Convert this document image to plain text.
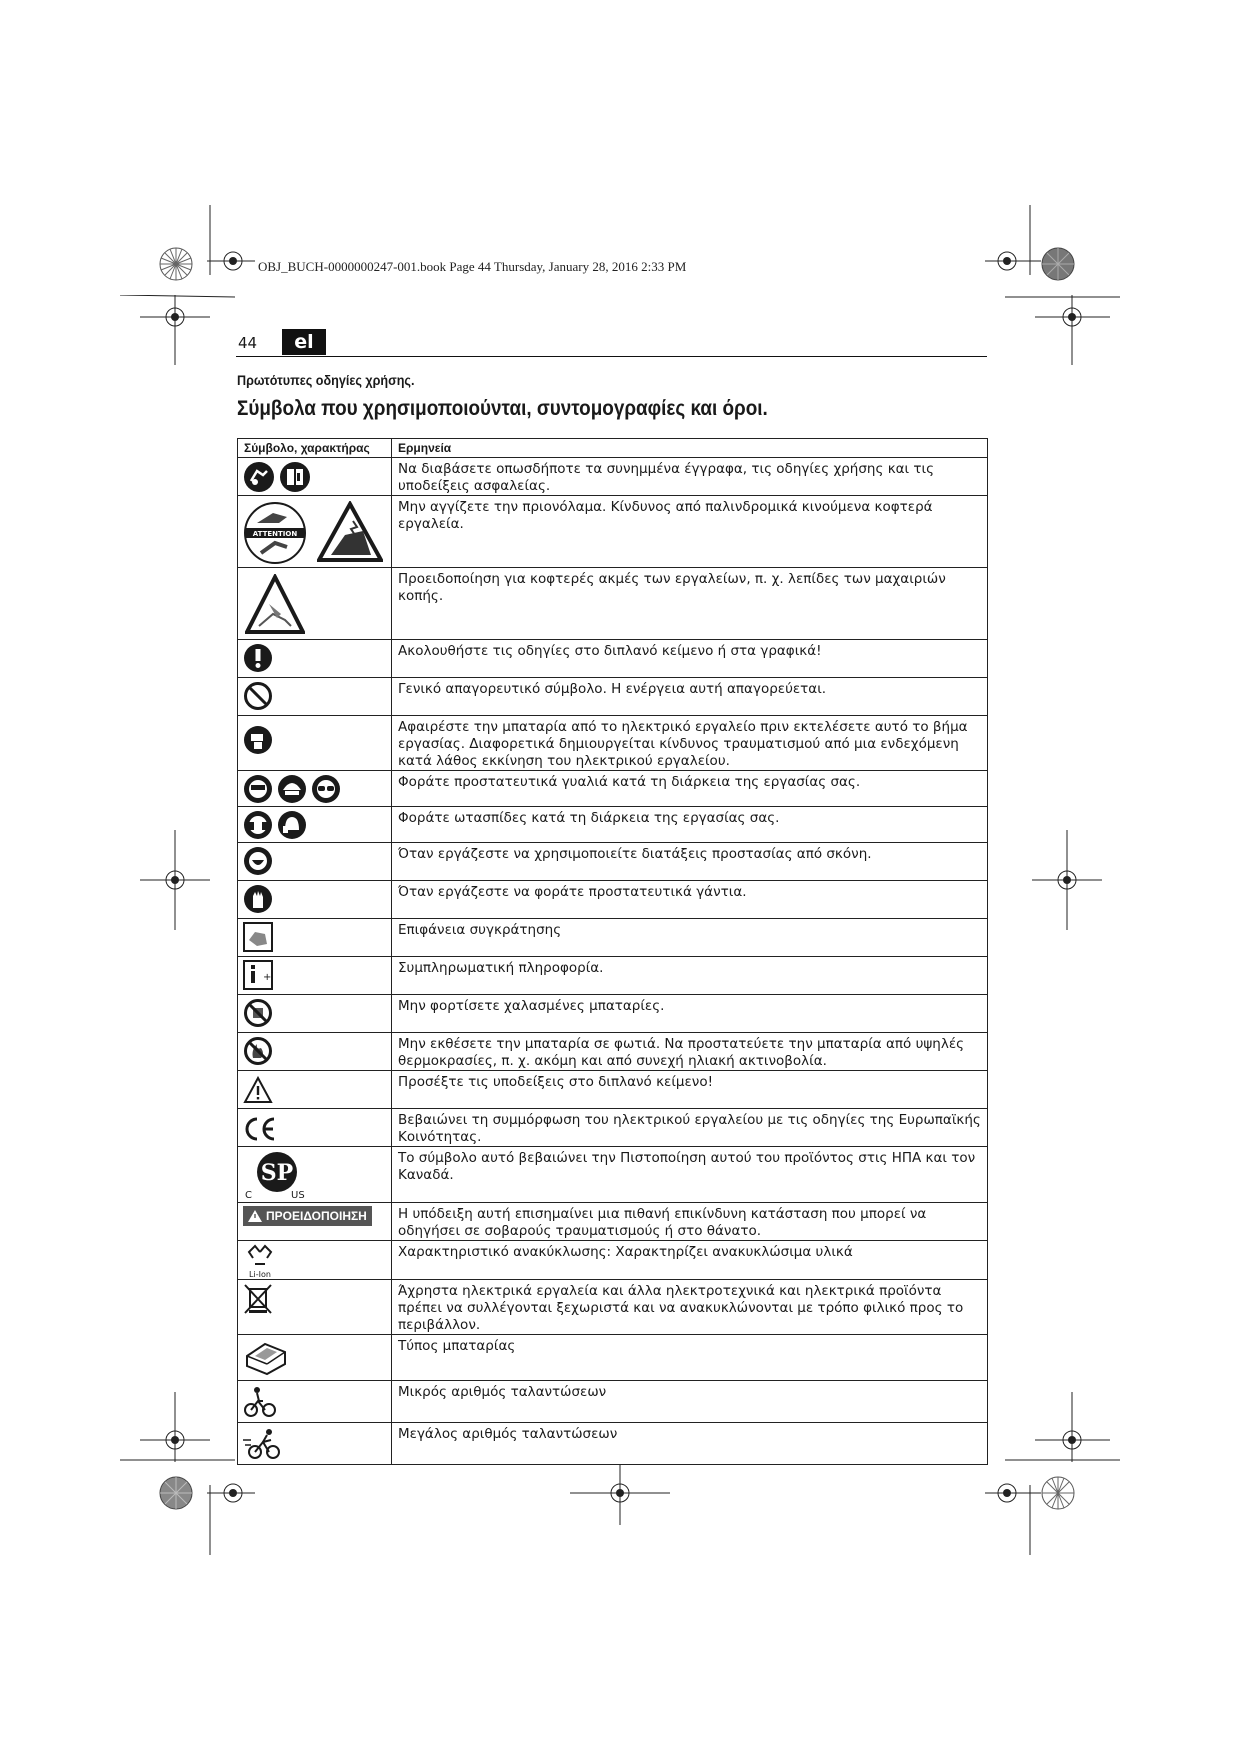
OBJ_BUCH-0000000247-001.book Page 44 Thursday, January 28, 2016 2:33 PM
44	el
Πρωτότυπες οδηγίες χρήσης.
Σύμβολα που χρησιμοποιούνται, συντομογραφίες και όροι.
Σύμβολο, χαρακτήρας	Ερμηνεία

	Να διαβάσετε οπωσδήποτε τα συνημμένα έγγραφα, τις οδηγίες χρήσης και τις υποδείξεις ασφαλείας.

ATTENTION	Μην αγγίζετε την πριονόλαμα. Κίνδυνος από παλινδρομικά κινούμενα κοφτερά εργαλεία.

	Προειδοποίηση για κοφτερές ακμές των εργαλείων, π. χ. λεπίδες των μαχαιριών κοπής.
	Ακολουθήστε τις οδηγίες στο διπλανό κείμενο ή στα γραφικά!
	Γενικό απαγορευτικό σύμβολο. Η ενέργεια αυτή απαγορεύεται.
	Αφαιρέστε την μπαταρία από το ηλεκτρικό εργαλείο πριν εκτελέσετε αυτό το βήμα εργασίας. Διαφορετικά δημιουργείται κίνδυνος τραυματισμού από μια ενδεχόμενη κατά λάθος εκκίνηση του ηλεκτρικού εργαλείου.

	Φοράτε προστατευτικά γυαλιά κατά τη διάρκεια της εργασίας σας.

	Φοράτε ωτασπίδες κατά τη διάρκεια της εργασίας σας.
	Όταν εργάζεστε να χρησιμοποιείτε διατάξεις προστασίας από σκόνη.
	Όταν εργάζεστε να φοράτε προστατευτικά γάντια.
	Επιφάνεια συγκράτησης

+	Συμπληρωματική πληροφορία.
	Μην φορτίσετε χαλασμένες μπαταρίες.
	Μην εκθέσετε την μπαταρία σε φωτιά. Να προστατεύετε την μπαταρία από υψηλές θερμοκρασίες, π. χ. ακόμη και από συνεχή ηλιακή ακτινοβολία.
	Προσέξτε τις υποδείξεις στο διπλανό κείμενο!
	Βεβαιώνει τη συμμόρφωση του ηλεκτρικού εργαλείου με τις οδηγίες της Ευρωπαϊκής Κοινότητας.

SP
C US	Το σύμβολο αυτό βεβαιώνει την Πιστοποίηση αυτού του προϊόντος στις ΗΠΑ και τον Καναδά.

ΠΡΟΕΙΔΟΠΟΙΗΣΗ	Η υπόδειξη αυτή επισημαίνει μια πιθανή επικίνδυνη κατάσταση που μπορεί να οδηγήσει σε σοβαρούς τραυματισμούς ή στο θάνατο.

Li-Ion	Χαρακτηριστικό ανακύκλωσης: Χαρακτηρίζει ανακυκλώσιμα υλικά
	Άχρηστα ηλεκτρικά εργαλεία και άλλα ηλεκτροτεχνικά και ηλεκτρικά προϊόντα πρέπει να συλλέγονται ξεχωριστά και να ανακυκλώνονται με τρόπο φιλικό προς το περιβάλλον.
	Τύπος μπαταρίας
	Μικρός αριθμός ταλαντώσεων
	Μεγάλος αριθμός ταλαντώσεων
